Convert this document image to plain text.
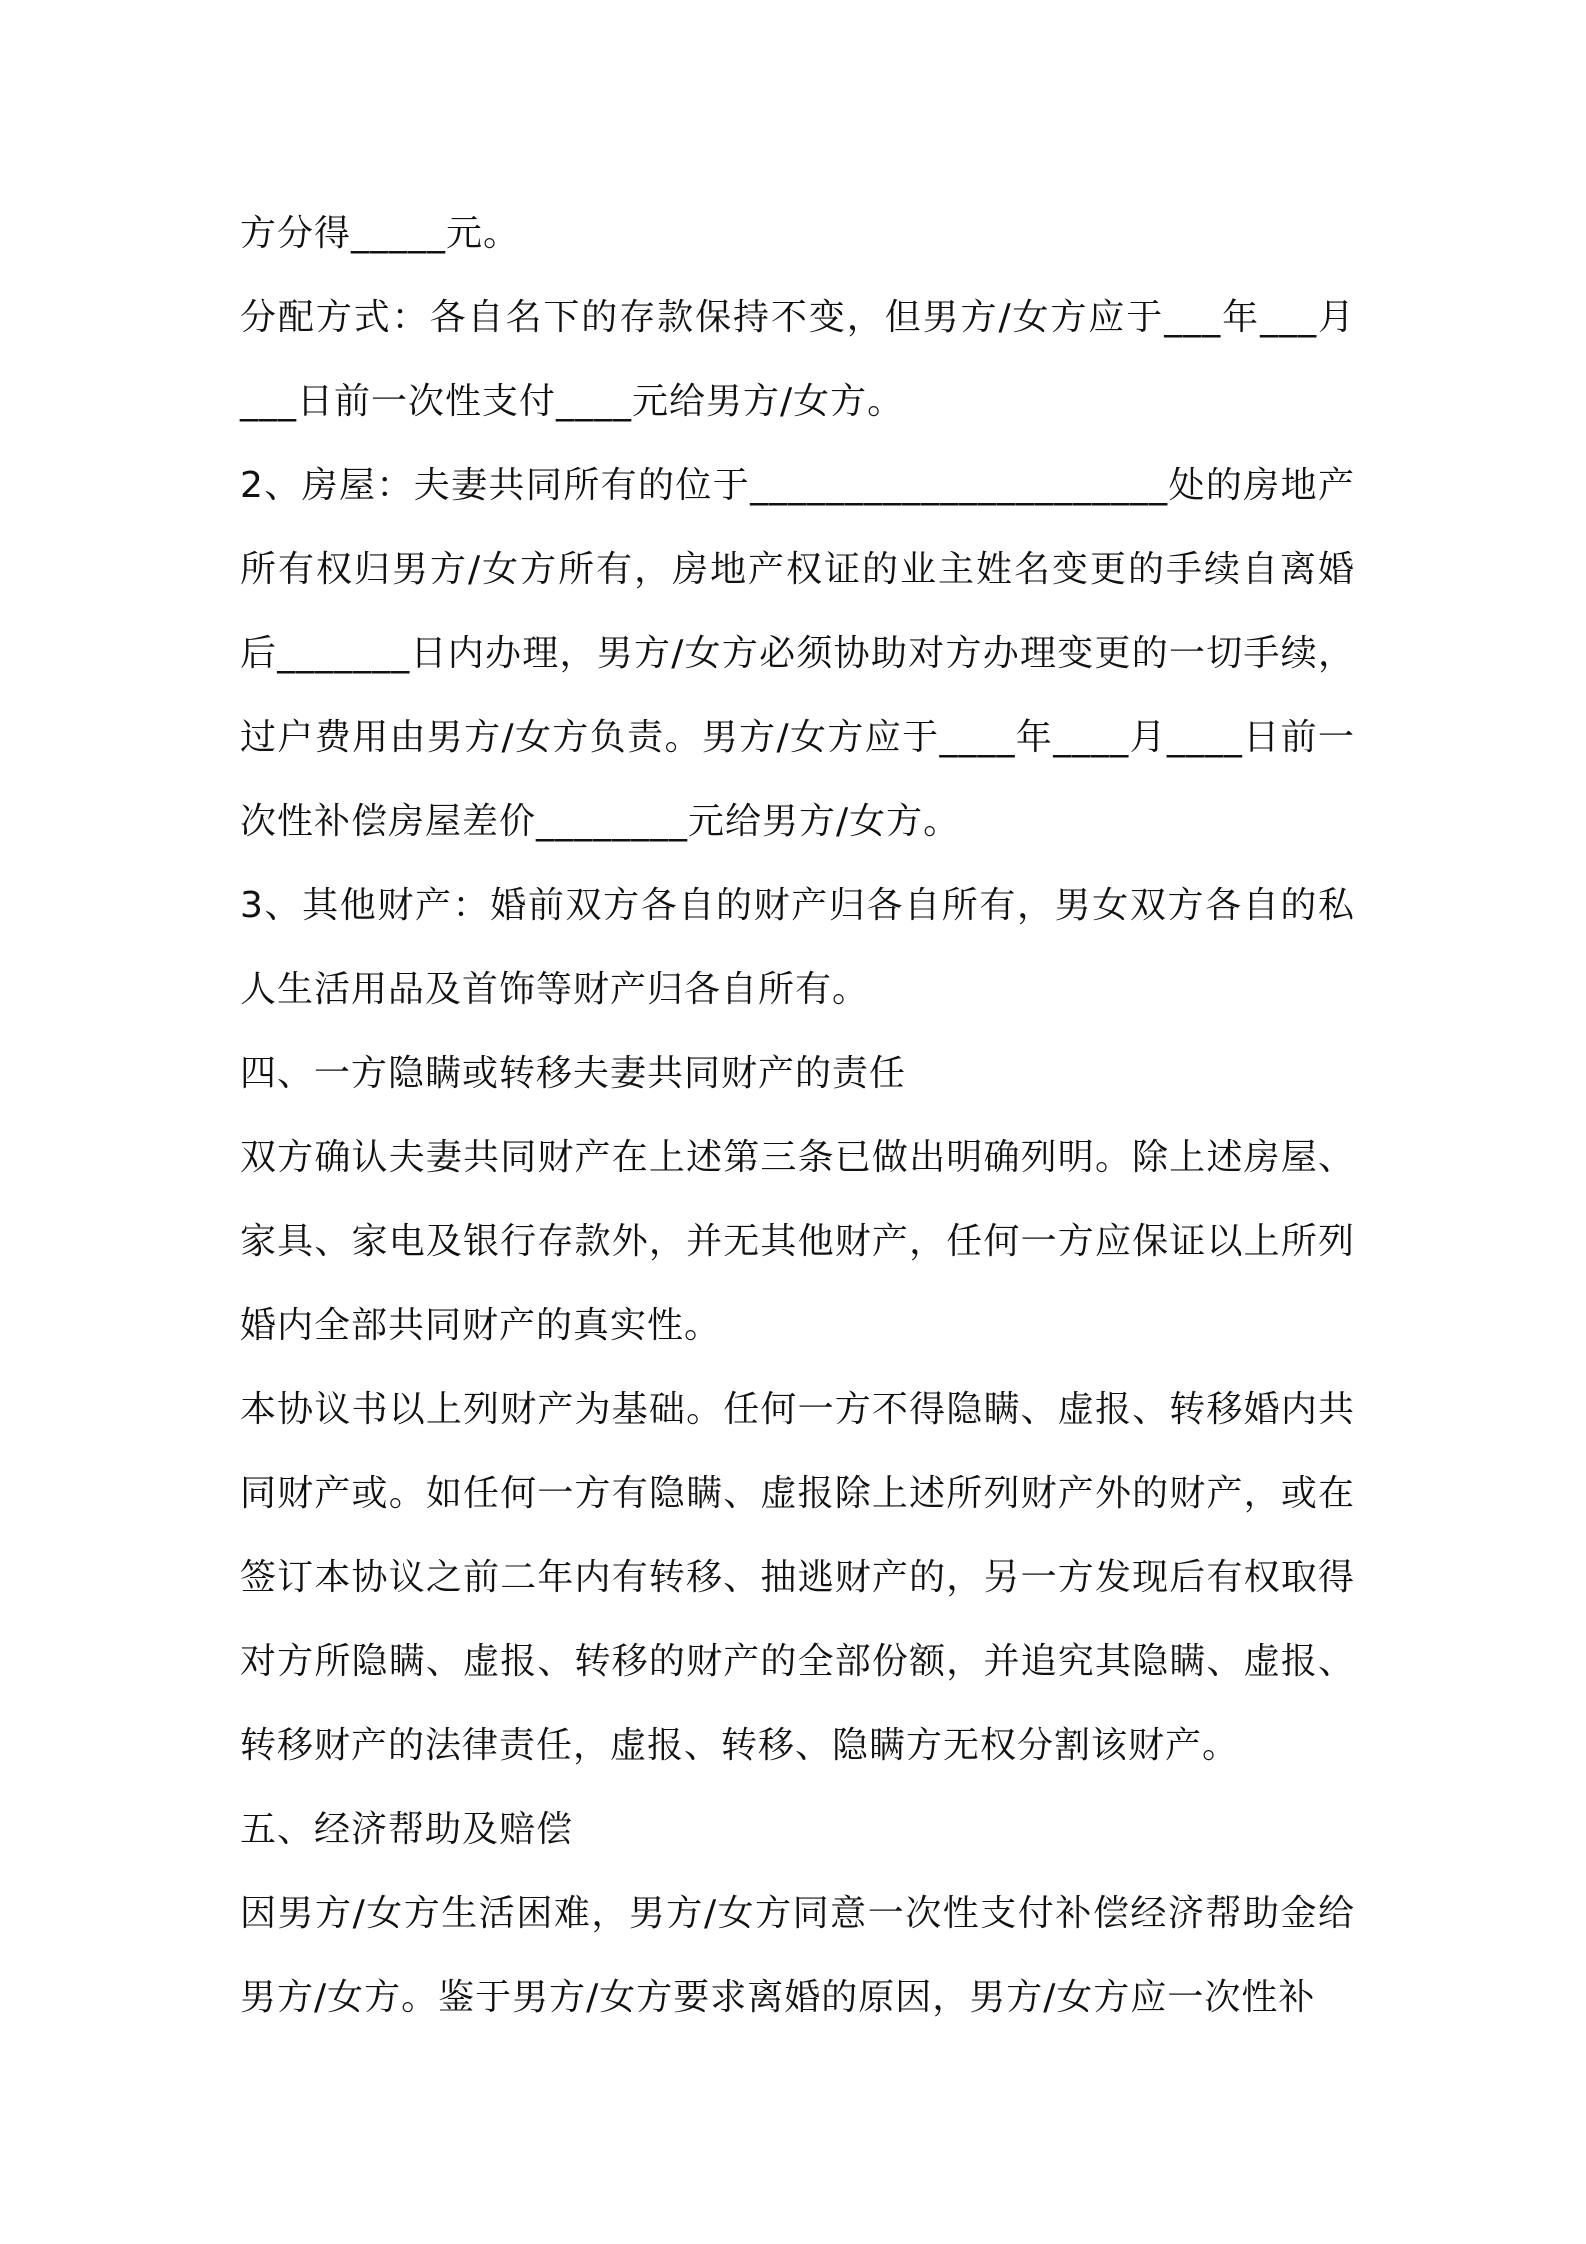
方分得_____元。

分配方式：各自名下的存款保持不变，但男方/女方应于___年___月___日前一次性支付____元给男方/女方。

2、房屋：夫妻共同所有的位于______________________处的房地产所有权归男方/女方所有，房地产权证的业主姓名变更的手续自离婚后_______日内办理，男方/女方必须协助对方办理变更的一切手续，过户费用由男方/女方负责。男方/女方应于____年____月____日前一次性补偿房屋差价________元给男方/女方。

3、其他财产：婚前双方各自的财产归各自所有，男女双方各自的私人生活用品及首饰等财产归各自所有。

四、一方隐瞒或转移夫妻共同财产的责任

双方确认夫妻共同财产在上述第三条已做出明确列明。除上述房屋、家具、家电及银行存款外，并无其他财产，任何一方应保证以上所列婚内全部共同财产的真实性。

本协议书以上列财产为基础。任何一方不得隐瞒、虚报、转移婚内共同财产或。如任何一方有隐瞒、虚报除上述所列财产外的财产，或在签订本协议之前二年内有转移、抽逃财产的，另一方发现后有权取得对方所隐瞒、虚报、转移的财产的全部份额，并追究其隐瞒、虚报、转移财产的法律责任，虚报、转移、隐瞒方无权分割该财产。

五、经济帮助及赔偿

因男方/女方生活困难，男方/女方同意一次性支付补偿经济帮助金给男方/女方。鉴于男方/女方要求离婚的原因，男方/女方应一次性补
